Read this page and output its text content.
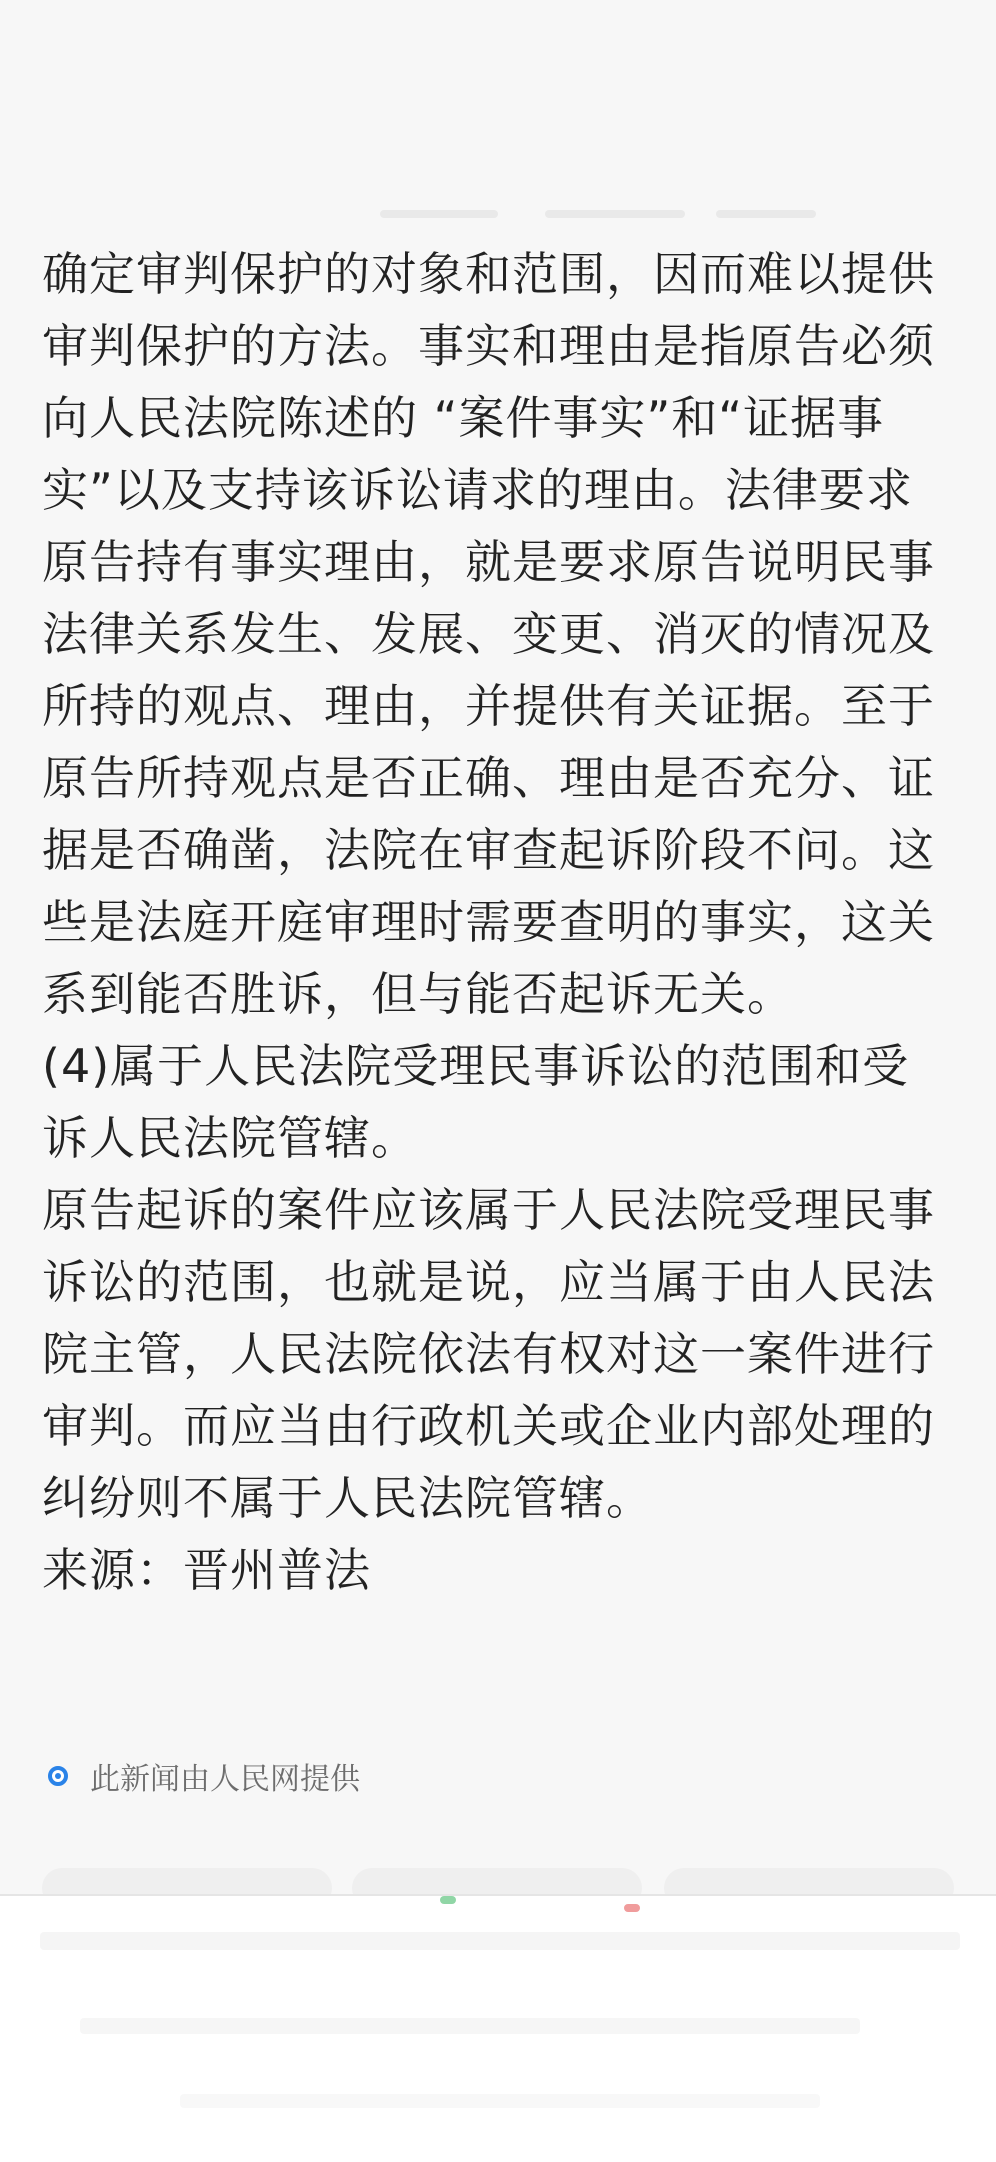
确定审判保护的对象和范围，因而难以提供审判保护的方法。事实和理由是指原告必须向人民法院陈述的 “案件事实”和“证据事实”以及支持该诉讼请求的理由。法律要求原告持有事实理由，就是要求原告说明民事法律关系发生、发展、变更、消灭的情况及所持的观点、理由，并提供有关证据。至于原告所持观点是否正确、理由是否充分、证据是否确凿，法院在审查起诉阶段不问。这些是法庭开庭审理时需要查明的事实，这关系到能否胜诉，但与能否起诉无关。

(4)属于人民法院受理民事诉讼的范围和受诉人民法院管辖。

原告起诉的案件应该属于人民法院受理民事诉讼的范围，也就是说，应当属于由人民法院主管，人民法院依法有权对这一案件进行审判。而应当由行政机关或企业内部处理的纠纷则不属于人民法院管辖。

来源：晋州普法

此新闻由人民网提供
